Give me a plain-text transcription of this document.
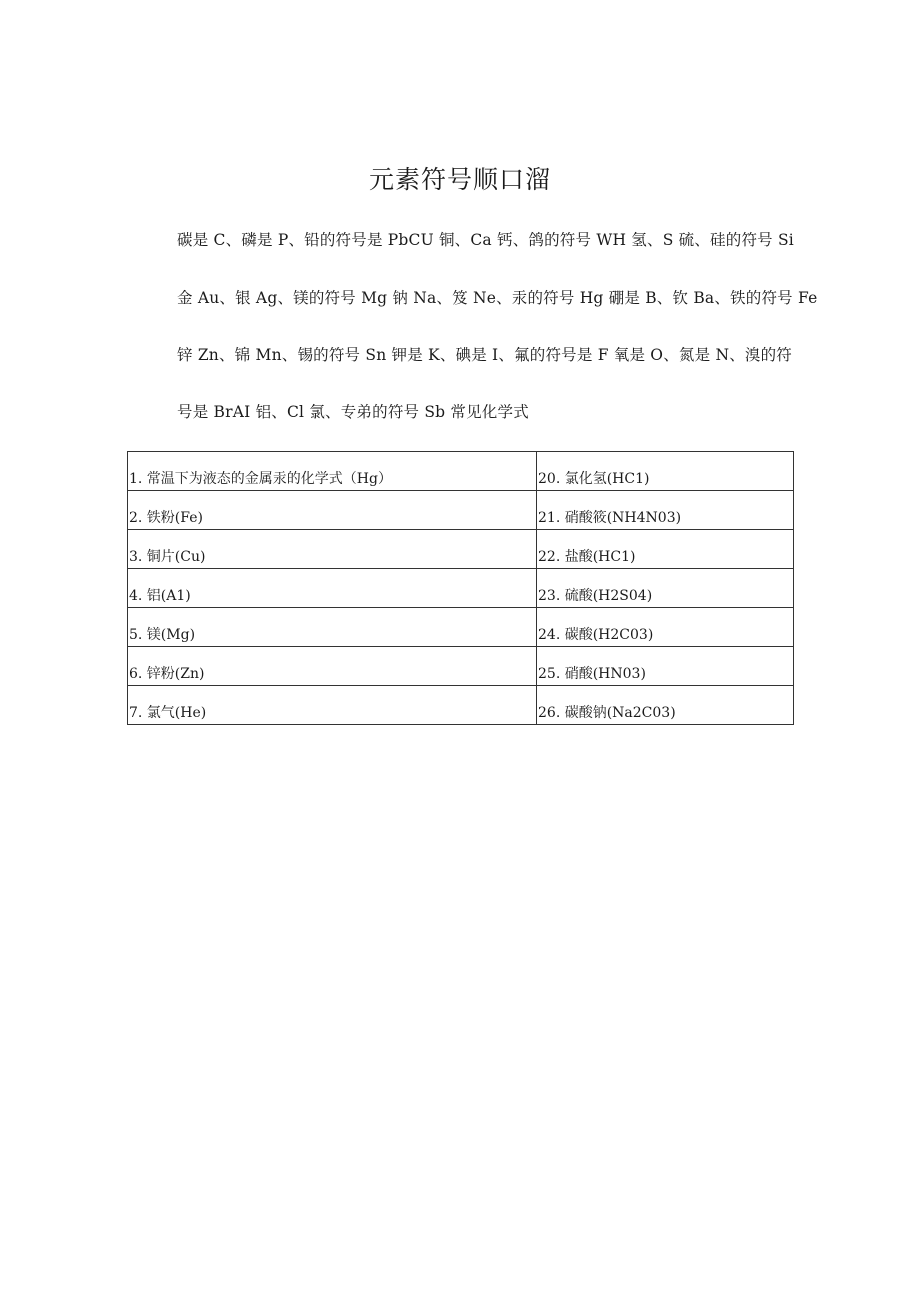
元素符号顺口溜
碳是 C、磷是 P、铅的符号是 PbCU 铜、Ca 钙、鸽的符号 WH 氢、S 硫、硅的符号 Si
金 Au、银 Ag、镁的符号 Mg 钠 Na、笈 Ne、汞的符号 Hg 硼是 B、钦 Ba、铁的符号 Fe
锌 Zn、锦 Mn、锡的符号 Sn 钾是 K、碘是 I、氟的符号是 F 氧是 O、氮是 N、溴的符
号是 BrAI 铝、Cl 氯、专弟的符号 Sb 常见化学式
1. 常温下为液态的金属汞的化学式（Hg）	20. 氯化氢(HC1)
2. 铁粉(Fe)	21. 硝酸筱(NH4N03)
3. 铜片(Cu)	22. 盐酸(HC1)
4. 铝(A1)	23. 硫酸(H2S04)
5. 镁(Mg)	24. 碳酸(H2C03)
6. 锌粉(Zn)	25. 硝酸(HN03)
7. 氯气(He)	26. 碳酸钠(Na2C03)
